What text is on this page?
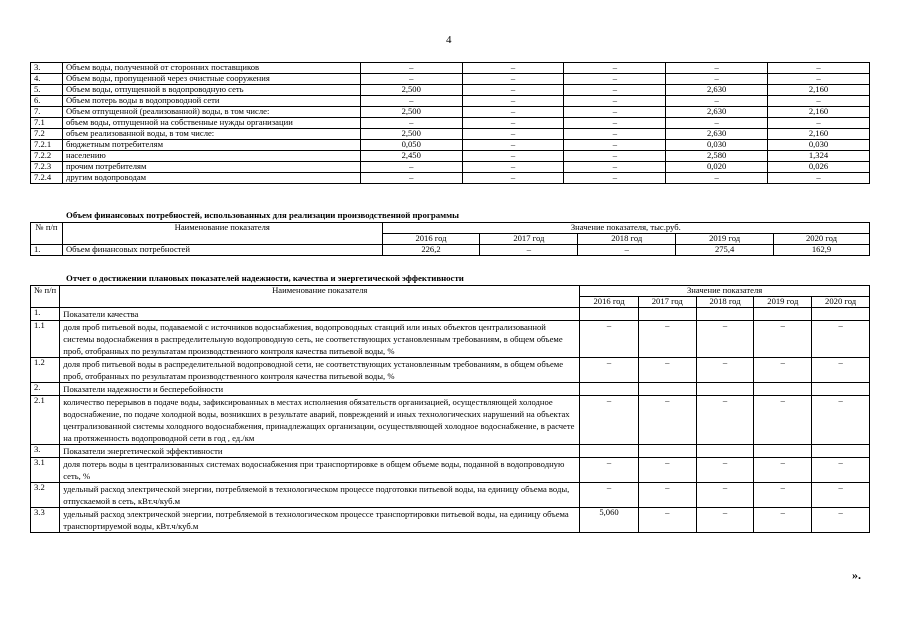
4
3.	Объем воды, полученной от сторонних поставщиков	–	–	–	–	–
4.	Объем воды, пропущенной через очистные сооружения	–	–	–	–	–
5.	Объем воды, отпущенной в водопроводную сеть	2,500	–	–	2,630	2,160
6.	Объем потерь воды в водопроводной сети	–	–	–	–	–
7.	Объем отпущенной (реализованной) воды, в том числе:	2,500	–	–	2,630	2,160
7.1	объем воды, отпущенной на собственные нужды организации	–	–	–	–	–
7.2	объем реализованной воды, в том числе:	2,500	–	–	2,630	2,160
7.2.1	бюджетным потребителям	0,050	–	–	0,030	0,030
7.2.2	населению	2,450	–	–	2,580	1,324
7.2.3	прочим потребителям	–	–	–	0,020	0,026
7.2.4	другим водопроводам	–	–	–	–	–
Объем финансовых потребностей, использованных для реализации производственной программы
№ п/п	Наименование показателя	Значение показателя, тыс.руб.				
		2016 год	2017 год	2018 год	2019 год	2020 год
1.	Объем финансовых потребностей	226,2	–	–	275,4	162,9
Отчет о достижении плановых показателей надежности, качества и энергетической эффективности
№ п/п	Наименование показателя	Значение показателя				
		2016 год	2017 год	2018 год	2019 год	2020 год
1.	Показатели качества					
1.1	доля проб питьевой воды, подаваемой с источников водоснабжения, водопроводных станций или иных объектов централизованной системы водоснабжения в распределительную водопроводную сеть, не соответствующих установленным требованиям, в общем объеме проб, отобранных по результатам производственного контроля качества питьевой воды, %	–	–	–	–	–
1.2	доля проб питьевой воды в распределительной водопроводной сети, не соответствующих установленным требованиям, в общем объеме проб, отобранных по результатам производственного контроля качества питьевой воды, %	–	–	–	–	–
2.	Показатели надежности и бесперебойности					
2.1	количество перерывов в подаче воды, зафиксированных в местах исполнения обязательств организацией, осуществляющей холодное водоснабжение, по подаче холодной воды, возникших в результате аварий, повреждений и иных технологических нарушений на объектах централизованной системы холодного водоснабжения, принадлежащих организации, осуществляющей холодное водоснабжение, в расчете на протяженность водопроводной сети в год , ед./км	–	–	–	–	–
3.	Показатели энергетической эффективности					
3.1	доля потерь воды в централизованных системах водоснабжения при транспортировке в общем объеме воды, поданной в водопроводную сеть, %	–	–	–	–	–
3.2	удельный расход электрической энергии, потребляемой в технологическом процессе подготовки питьевой воды, на единицу объема воды, отпускаемой в сеть, кВт.ч/куб.м	–	–	–	–	–
3.3	удельный расход электрической энергии, потребляемой в технологическом процессе транспортировки питьевой воды, на единицу объема транспортируемой воды, кВт.ч/куб.м	5,060	–	–	–	–
».
